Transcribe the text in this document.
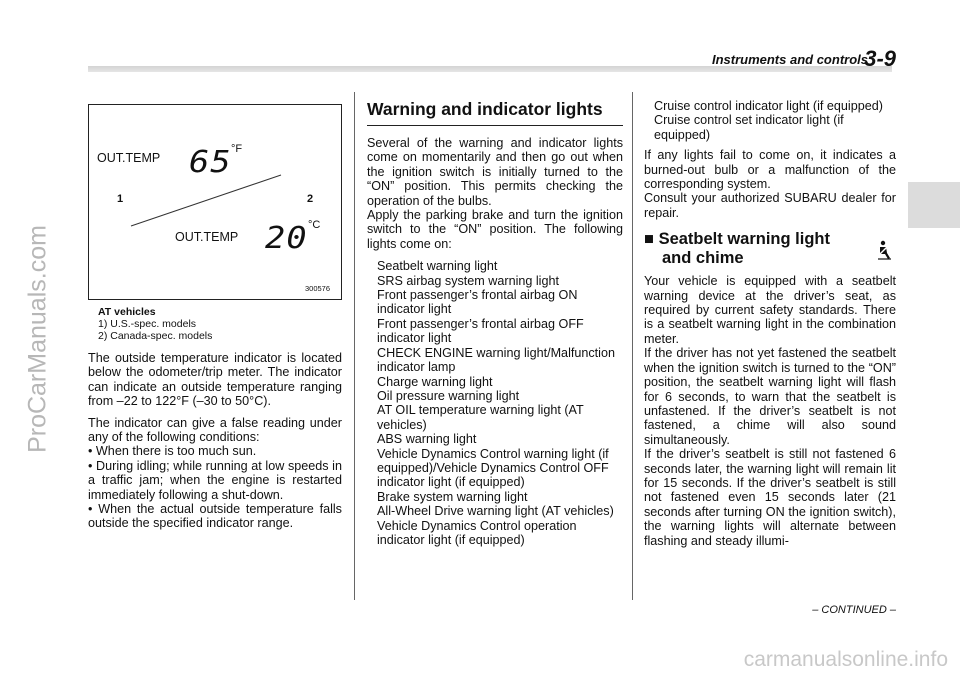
Instruments and controls
3-9
ProCarManuals.com
carmanualsonline.info
OUT.TEMP 65 °F
1	2
OUT.TEMP 20 °C
300576
AT vehicles
1) U.S.-spec. models
2) Canada-spec. models

The outside temperature indicator is located below the odometer/trip meter. The indicator can indicate an outside temperature ranging from –22 to 122°F (–30 to 50°C).

The indicator can give a false reading under any of the following conditions:

• When there is too much sun.

• During idling; while running at low speeds in a traffic jam; when the engine is restarted immediately following a shut-down.

• When the actual outside temperature falls outside the specified indicator range.

Warning and indicator lights

Several of the warning and indicator lights come on momentarily and then go out when the ignition switch is initially turned to the “ON” position. This permits checking the operation of the bulbs.

Apply the parking brake and turn the ignition switch to the “ON” position. The following lights come on:

Seatbelt warning light
SRS airbag system warning light
Front passenger’s frontal airbag ON indicator light
Front passenger’s frontal airbag OFF indicator light
CHECK ENGINE warning light/Malfunction indicator lamp
Charge warning light
Oil pressure warning light
AT OIL temperature warning light (AT vehicles)
ABS warning light
Vehicle Dynamics Control warning light (if equipped)/Vehicle Dynamics Control OFF indicator light (if equipped)
Brake system warning light
All-Wheel Drive warning light (AT vehicles)
Vehicle Dynamics Control operation indicator light (if equipped)
Cruise control indicator light (if equipped)
Cruise control set indicator light (if equipped)

If any lights fail to come on, it indicates a burned-out bulb or a malfunction of the corresponding system.

Consult your authorized SUBARU dealer for repair.

■ Seatbelt warning light
and chime

Your vehicle is equipped with a seatbelt warning device at the driver’s seat, as required by current safety standards. There is a seatbelt warning light in the combination meter.

If the driver has not yet fastened the seatbelt when the ignition switch is turned to the “ON” position, the seatbelt warning light will flash for 6 seconds, to warn that the seatbelt is unfastened. If the driver’s seatbelt is not fastened, a chime will also sound simultaneously.

If the driver’s seatbelt is still not fastened 6 seconds later, the warning light will remain lit for 15 seconds. If the driver’s seatbelt is still not fastened even 15 seconds later (21 seconds after turning ON the ignition switch), the warning lights will alternate between flashing and steady illumi-

– CONTINUED –
